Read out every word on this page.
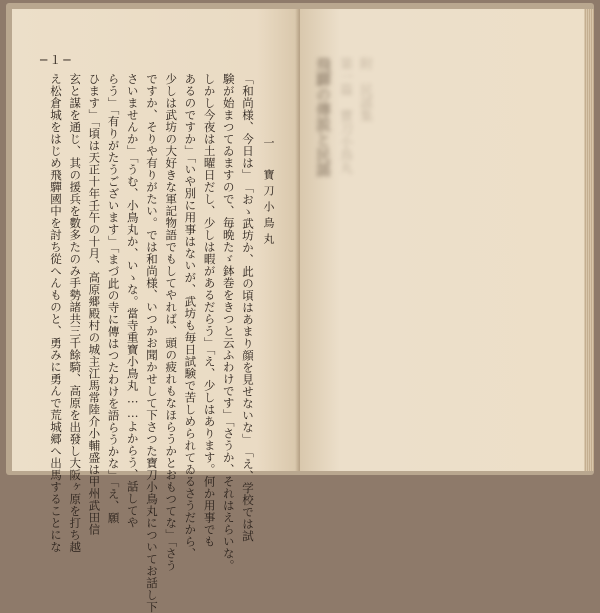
─１─
一　寶刀小鳥丸
「和尚様、今日は」　「おゝ武坊か、此の頃はあまり顔を見せないな」　「え、学校では試
験が始まつてゐますので、毎晩たゞ鉢巻をきつと云ふわけです」「さうか、それはえらいな。
しかし今夜は土曜日だし、少しは暇があるだらう」「え、少しはあります。何か用事でも
あるのですか」「いや別に用事はないが、武坊も毎日試験で苦しめられてゐるさうだから、
少しは武坊の大好きな軍記物語でもしてやれば、頭の疲れもなほらうかとおもつてな」「さう
ですか、そりや有りがたい。では和尚様、いつかお聞かせして下さつた寶刀小鳥丸についてお話し下
さいませんか」「うむ、小鳥丸か、いゝな。當寺重寶小鳥丸……よからう、話してや
らう」「有りがたうございます」「まづ此の寺に傳はつたわけを語らうかな」「え、願
ひます」「頃は天正十年壬午の十月、高原郷殿村の城主江馬常陸介小輔盛は甲州武田信
玄と謀を通じ、其の援兵を數多たのみ手勢諸共三千餘騎、高原を出發し大阪ヶ原を打ち越
え松倉城をはじめ飛驒國中を討ち從へんものと、勇みに勇んで荒城郷へ出馬することにな	飛驒の傳説と民謡 第一篇　寶刀小鳥丸 附　民謡集
